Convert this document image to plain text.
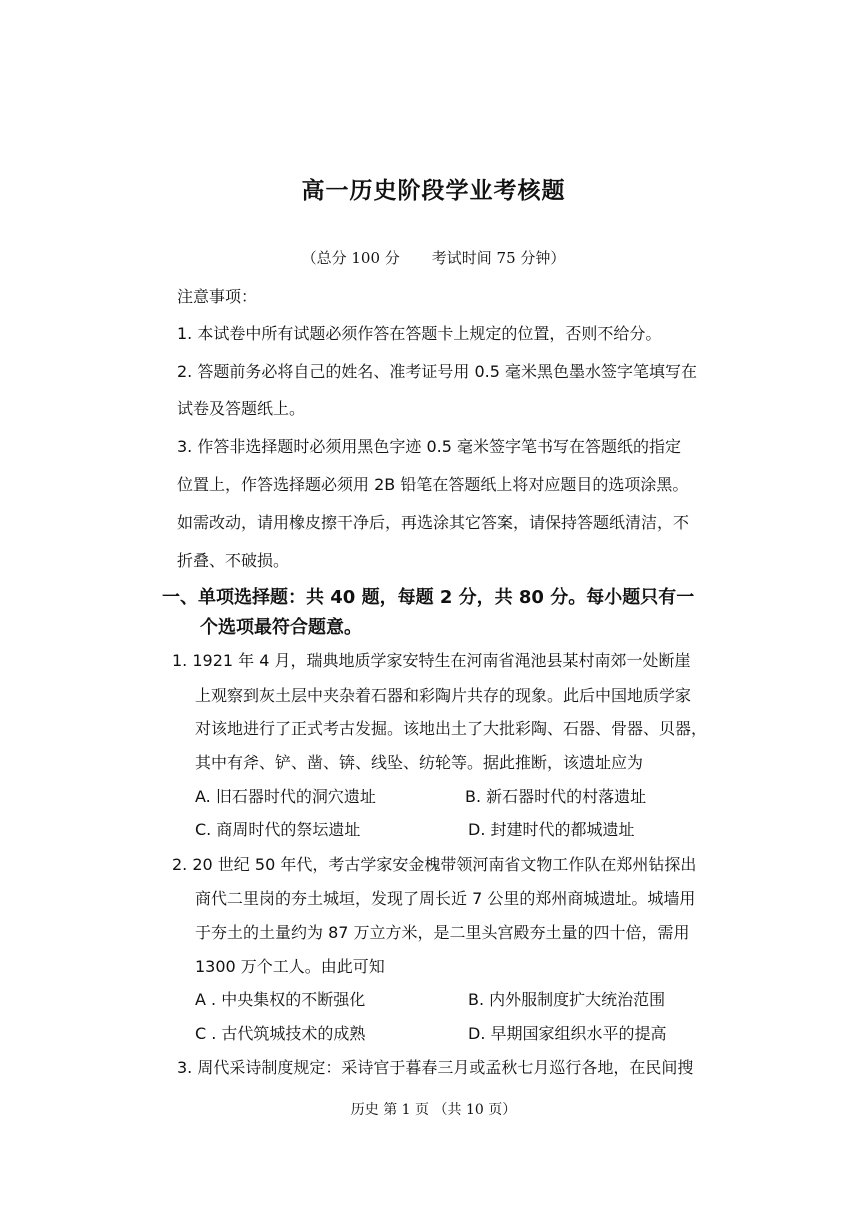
高一历史阶段学业考核题
（总分 100 分 考试时间 75 分钟）
注意事项：
1. 本试卷中所有试题必须作答在答题卡上规定的位置，否则不给分。
2. 答题前务必将自己的姓名、准考证号用 0.5 毫米黑色墨水签字笔填写在
试卷及答题纸上。
3. 作答非选择题时必须用黑色字迹 0.5 毫米签字笔书写在答题纸的指定
位置上，作答选择题必须用 2B 铅笔在答题纸上将对应题目的选项涂黑。
如需改动，请用橡皮擦干净后，再选涂其它答案，请保持答题纸清洁，不
折叠、不破损。
一、单项选择题：共 40 题，每题 2 分，共 80 分。每小题只有一
个选项最符合题意。
1. 1921 年 4 月，瑞典地质学家安特生在河南省渑池县某村南郊一处断崖
上观察到灰土层中夹杂着石器和彩陶片共存的现象。此后中国地质学家
对该地进行了正式考古发掘。该地出土了大批彩陶、石器、骨器、贝器，
其中有斧、铲、凿、锛、线坠、纺轮等。据此推断，该遗址应为
A. 旧石器时代的洞穴遗址	B. 新石器时代的村落遗址
C. 商周时代的祭坛遗址	D. 封建时代的都城遗址
2. 20 世纪 50 年代，考古学家安金槐带领河南省文物工作队在郑州钻探出
商代二里岗的夯土城垣，发现了周长近 7 公里的郑州商城遗址。城墙用
于夯土的土量约为 87 万立方米，是二里头宫殿夯土量的四十倍，需用
1300 万个工人。由此可知
A . 中央集权的不断强化	B. 内外服制度扩大统治范围
C . 古代筑城技术的成熟	D. 早期国家组织水平的提高
3. 周代采诗制度规定：采诗官于暮春三月或孟秋七月巡行各地，在民间搜
历史 第 1 页 （共 10 页）
